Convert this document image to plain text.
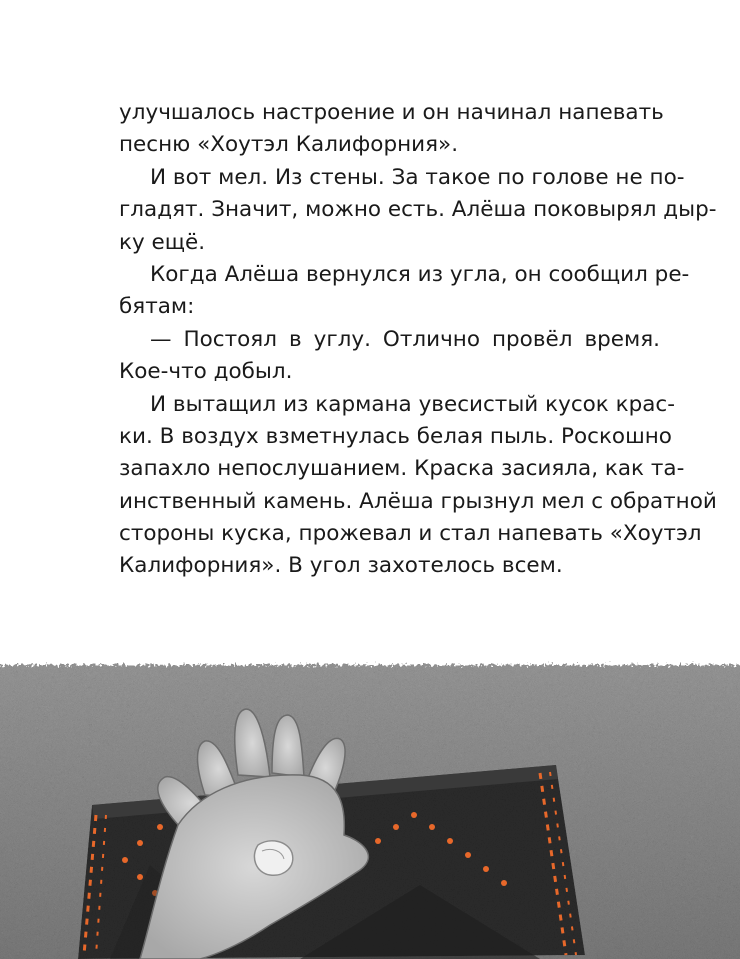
улучшалось настроение и он начинал напевать
песню «Хоутэл Калифорния».
И вот мел. Из стены. За такое по голове не по-
гладят. Значит, можно есть. Алёша поковырял дыр-
ку ещё.
Когда Алёша вернулся из угла, он сообщил ре-
бятам:
— Постоял в углу. Отлично провёл время.
Кое-что добыл.
И вытащил из кармана увесистый кусок крас-
ки. В воздух взметнулась белая пыль. Роскошно
запахло непослушанием. Краска засияла, как та-
инственный камень. Алёша грызнул мел с обратной
стороны куска, прожевал и стал напевать «Хоутэл
Калифорния». В угол захотелось всем.
